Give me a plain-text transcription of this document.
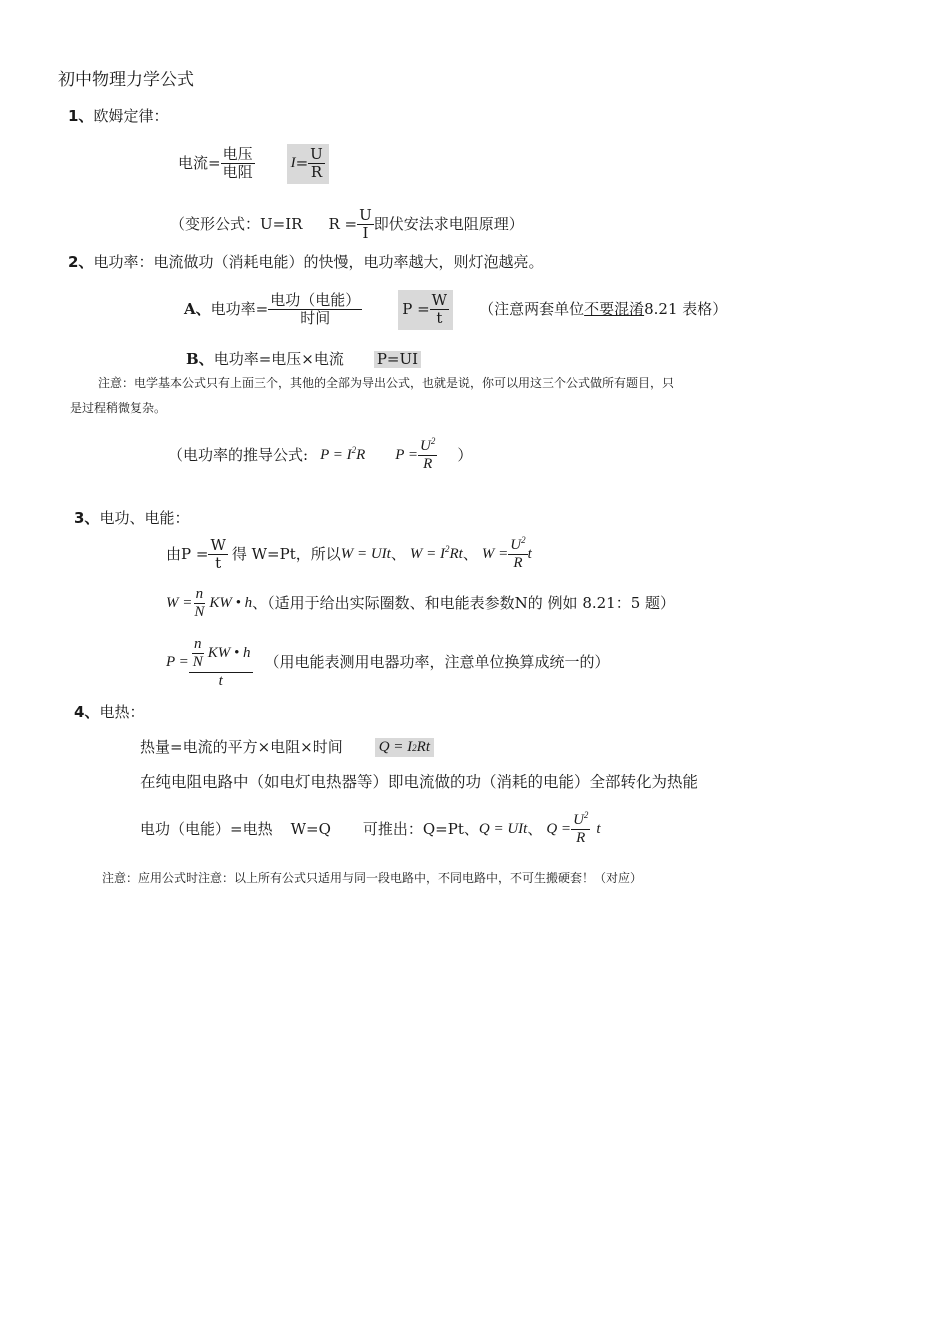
初中物理力学公式
1、欧姆定律：
电流= $\frac{\text{电压}}{\text{电阻}}$ $I = \frac{U}{R}$
（变形公式：U=IR $R = \frac{U}{I}$ 即伏安法求电阻原理）
2、电功率：电流做功（消耗电能）的快慢，电功率越大，则灯泡越亮。
A、 电功率= $\frac{\text{电功（电能）}}{\text{时间}}$	$P = \frac{W}{t}$ （注意两套单位 不要混淆 8.21 表格）
B、 电功率=电压×电流 P=UI
注意：电学基本公式只有上面三个，其他的全部为导出公式，也就是说，你可以用这三个公式做所有题目，只
是过程稍微复杂。
（电功率的推导公式: $P = I^2R$ $P = \frac{U^2}{R}$ ）
3、电功、电能：
由$P = \frac{W}{t}$ 得 W=Pt，所以 W = UIt 、 $W = I^2Rt$ 、 $W = \frac{U^2}{R}$ t
$W = \frac{n}{N}$ KW • h 、（适用于给出实际圈数、和电能表参数N的 例如 8.21：5 题）
$P = \frac{\frac{n}{N} KW • h}{t}$ （用电能表测用电器功率，注意单位换算成统一的）
4、电热：
热量=电流的平方×电阻×时间 Q = I 2 Rt
在纯电阻电路中（如电灯电热器等）即电流做的功（消耗的电能）全部转化为热能
电功（电能）=电热 W=Q 可推出：Q=Pt、 Q = UIt 、 $Q = \frac{U^2}{R}$ t
注意：应用公式时注意：以上所有公式只适用与同一段电路中，不同电路中，不可生搬硬套！（对应）
